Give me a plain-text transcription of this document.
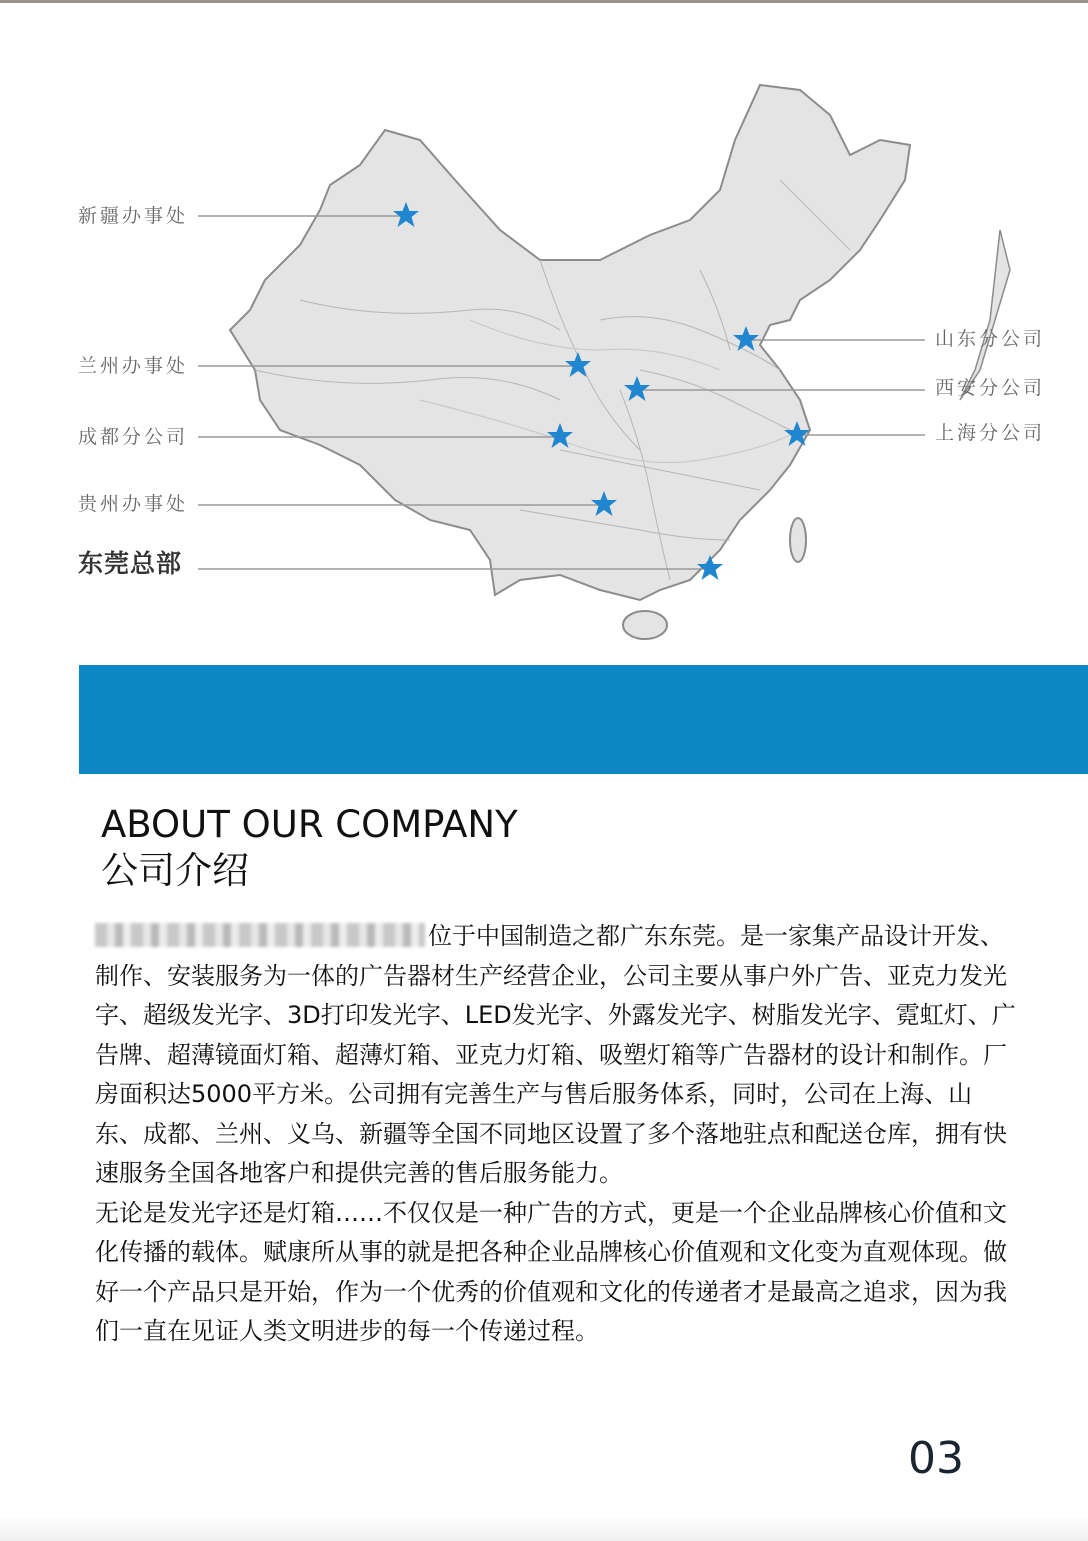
新疆办事处
兰州办事处
成都分公司
贵州办事处
东莞总部
山东分公司
西安分公司
上海分公司
ABOUT OUR COMPANY
公司介绍

位于中国制造之都广东东莞。是一家集产品设计开发、制作、安装服务为一体的广告器材生产经营企业，公司主要从事户外广告、亚克力发光字、超级发光字、3D打印发光字、LED发光字、外露发光字、树脂发光字、霓虹灯、广告牌、超薄镜面灯箱、超薄灯箱、亚克力灯箱、吸塑灯箱等广告器材的设计和制作。厂房面积达5000平方米。公司拥有完善生产与售后服务体系，同时，公司在上海、山东、成都、兰州、义乌、新疆等全国不同地区设置了多个落地驻点和配送仓库，拥有快速服务全国各地客户和提供完善的售后服务能力。

无论是发光字还是灯箱……不仅仅是一种广告的方式，更是一个企业品牌核心价值和文化传播的载体。赋康所从事的就是把各种企业品牌核心价值观和文化变为直观体现。做好一个产品只是开始，作为一个优秀的价值观和文化的传递者才是最高之追求，因为我们一直在见证人类文明进步的每一个传递过程。

03
